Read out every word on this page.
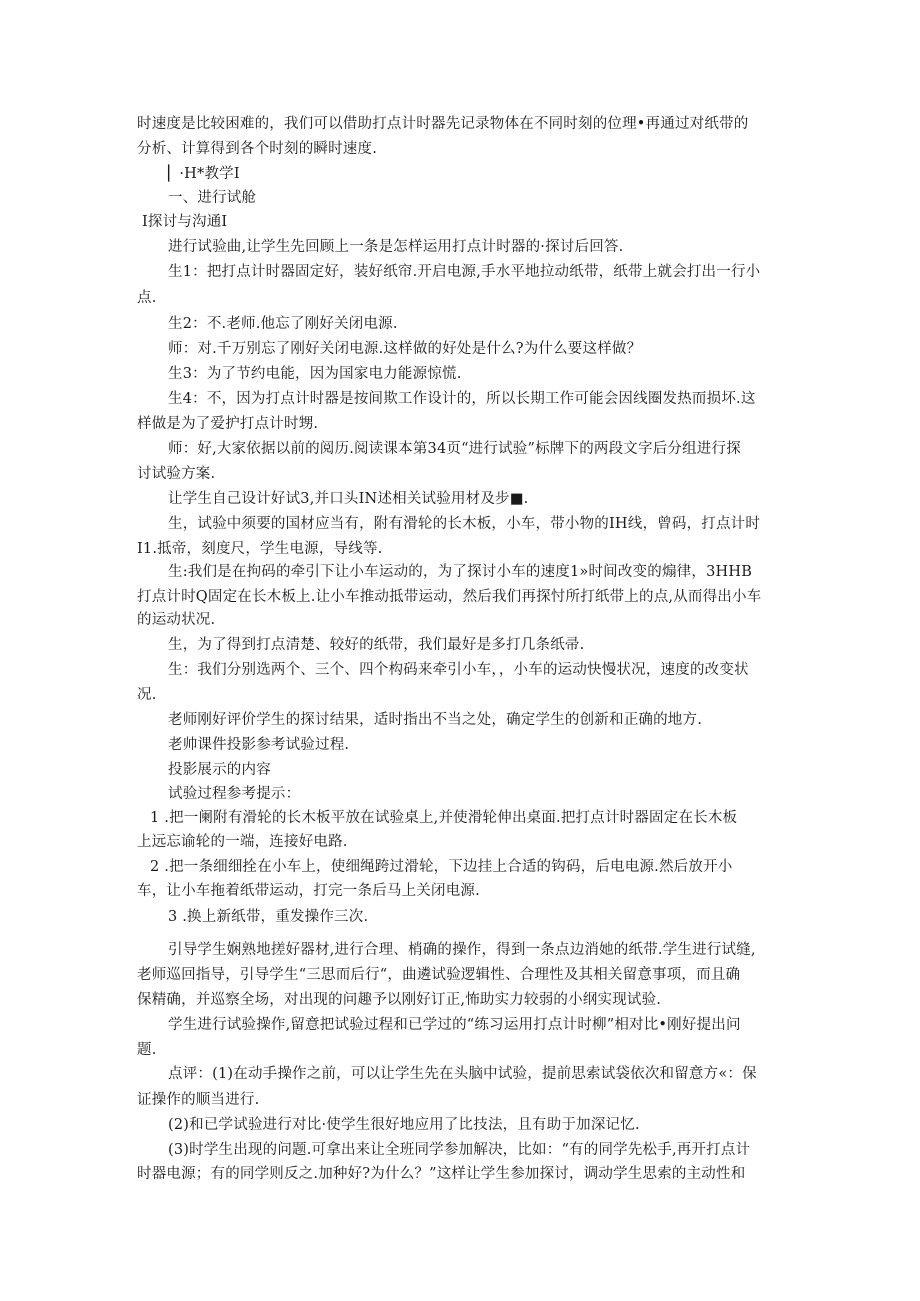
时速度是比较困难的，我们可以借助打点计时器先记录物体在不同时刻的位理•再通过对纸带的
分析、计算得到各个时刻的瞬时速度.
▏·H*教学I
一、进行试舱
I探讨与沟通I
进行试验曲,让学生先回顾上一条是怎样运用打点计时器的·探讨后回答.
生1：把打点计时器固定好，装好纸帘.开启电源,手水平地拉动纸带，纸带上就会打出一行小
点.
生2：不.老师.他忘了刚好关闭电源.
师：对.千万别忘了刚好关闭电源.这样做的好处是什么?为什么要这样做？
生3：为了节约电能，因为国家电力能源惊慌.
生4：不，因为打点计时器是按间欺工作设计的，所以长期工作可能会因线圈发热而损坏.这
样做是为了爱护打点计时甥.
师：好,大家依据以前的阅历.阅读课本第34页“进行试验”标牌下的两段文字后分组进行探
讨试验方案.
让学生自己设计好试3,并口头IN述相关试验用材及步■.
生，试验中须要的国材应当有，附有滑轮的长木板，小车，带小物的IH线，曾码，打点计时
I1.抵帝，刻度尺，学生电源，导线等.
生:我们是在拘码的牵引下让小车运动的，为了探讨小车的速度1»时间改变的煽律，3HHB
打点计时Q固定在长木板上.让小车推动抵带运动，然后我们再探忖所打纸带上的点,从而得出小车
的运动状况.
生，为了得到打点清楚、较好的纸带，我们最好是多打几条纸帚.
生：我们分别选两个、三个、四个构码来牵引小车，，小车的运动快慢状况，速度的改变状
况.
老师刚好评价学生的探讨结果，适时指出不当之处，确定学生的创新和正确的地方.
老帅课件投影参考试验过程.
投影展示的内容
试验过程参考提示：
1 .把一阑附有滑轮的长木板平放在试验桌上,并使滑轮伸出桌面.把打点计时器固定在长木板
上远忘谕轮的一端，连接好电路.
2 .把一条细细拴在小车上，使细绳跨过滑轮，下边挂上合适的钩码，后电电源.然后放开小
车，让小车拖着纸带运动，打完一条后马上关闭电源.
3 .换上新纸带，重发操作三次.
引导学生娴熟地搓好器材,进行合理、梢确的操作，得到一条点边消她的纸带.学生进行试缝,
老师巡回指导，引导学生“三思而后行“，曲遴试验逻辑性、合理性及其相关留意事项，而且确
保精确，并巡察全场，对出现的问趣予以刚好订正,怖助实力较弱的小纲实现试验.
学生进行试验操作,留意把试验过程和已学过的“练习运用打点计时柳”相对比•刚好提出问
题.
点评：(1)在动手操作之前，可以让学生先在头脑中试验，提前思索试袋依次和留意方«：保
证操作的顺当进行.
(2)和已学试验进行对比·使学生很好地应用了比技法，且有助于加深记忆.
(3)时学生出现的问题.可拿出来让全班同学参加解决，比如：“有的同学先松手,再开打点计
时器电源；有的同学则反之.加种好?为什么？”这样让学生参加探讨，调动学生思索的主动性和
